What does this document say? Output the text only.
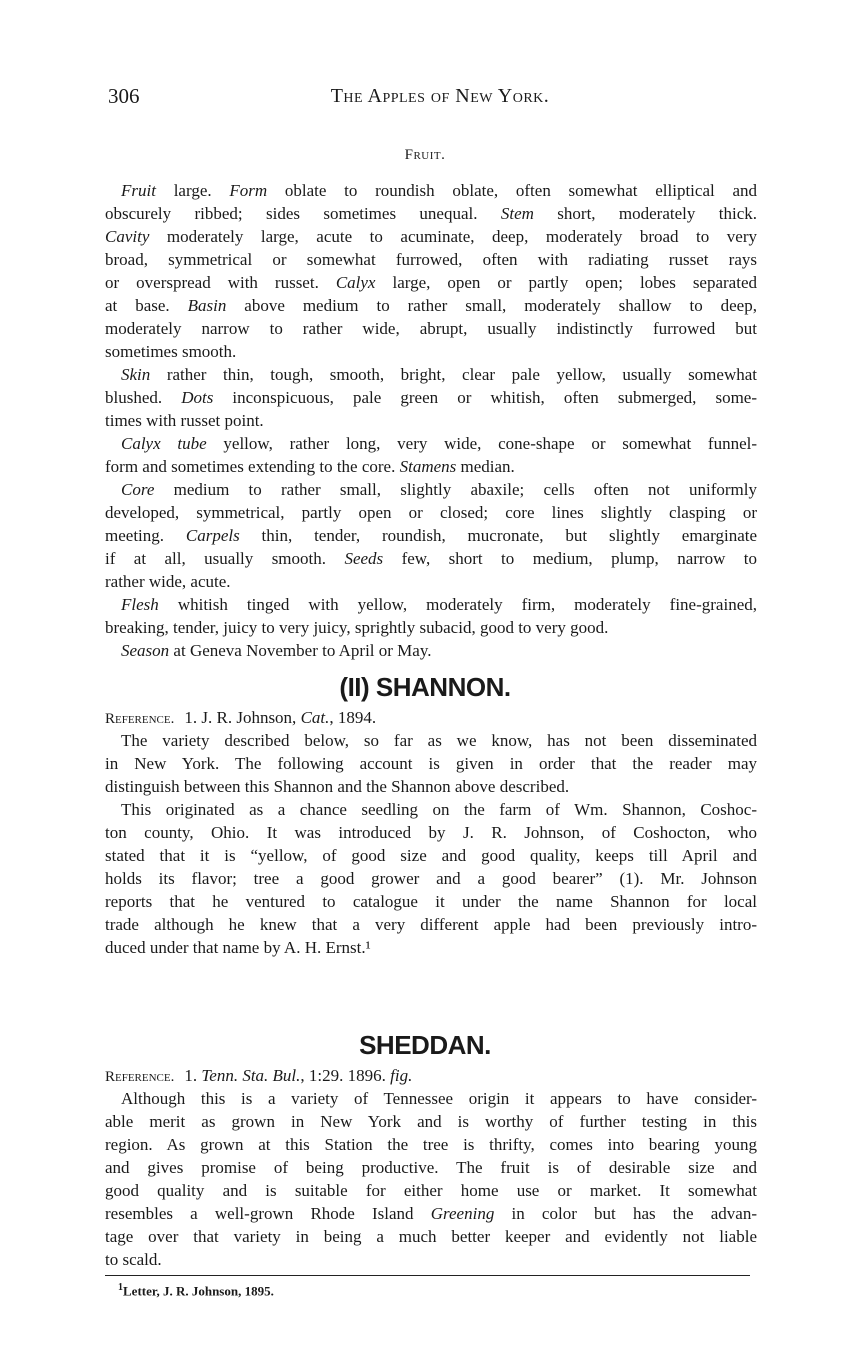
306	The Apples of New York.
Fruit.
Fruit large. Form oblate to roundish oblate, often somewhat elliptical and
obscurely ribbed; sides sometimes unequal. Stem short, moderately thick.
Cavity moderately large, acute to acuminate, deep, moderately broad to very
broad, symmetrical or somewhat furrowed, often with radiating russet rays
or overspread with russet. Calyx large, open or partly open; lobes separated
at base. Basin above medium to rather small, moderately shallow to deep,
moderately narrow to rather wide, abrupt, usually indistinctly furrowed but
sometimes smooth.
Skin rather thin, tough, smooth, bright, clear pale yellow, usually somewhat
blushed. Dots inconspicuous, pale green or whitish, often submerged, some-
times with russet point.
Calyx tube yellow, rather long, very wide, cone-shape or somewhat funnel-
form and sometimes extending to the core. Stamens median.
Core medium to rather small, slightly abaxile; cells often not uniformly
developed, symmetrical, partly open or closed; core lines slightly clasping or
meeting. Carpels thin, tender, roundish, mucronate, but slightly emarginate
if at all, usually smooth. Seeds few, short to medium, plump, narrow to
rather wide, acute.
Flesh whitish tinged with yellow, moderately firm, moderately fine-grained,
breaking, tender, juicy to very juicy, sprightly subacid, good to very good.
Season at Geneva November to April or May.
(II) SHANNON.
Reference. 1. J. R. Johnson, Cat., 1894.
The variety described below, so far as we know, has not been disseminated
in New York. The following account is given in order that the reader may
distinguish between this Shannon and the Shannon above described.
This originated as a chance seedling on the farm of Wm. Shannon, Coshoc-
ton county, Ohio. It was introduced by J. R. Johnson, of Coshocton, who
stated that it is “yellow, of good size and good quality, keeps till April and
holds its flavor; tree a good grower and a good bearer” (1). Mr. Johnson
reports that he ventured to catalogue it under the name Shannon for local
trade although he knew that a very different apple had been previously intro-
duced under that name by A. H. Ernst.¹
SHEDDAN.
Reference. 1. Tenn. Sta. Bul., 1:29. 1896. fig.
Although this is a variety of Tennessee origin it appears to have consider-
able merit as grown in New York and is worthy of further testing in this
region. As grown at this Station the tree is thrifty, comes into bearing young
and gives promise of being productive. The fruit is of desirable size and
good quality and is suitable for either home use or market. It somewhat
resembles a well-grown Rhode Island Greening in color but has the advan-
tage over that variety in being a much better keeper and evidently not liable
to scald.
$^1$Letter, J. R. Johnson, 1895.
